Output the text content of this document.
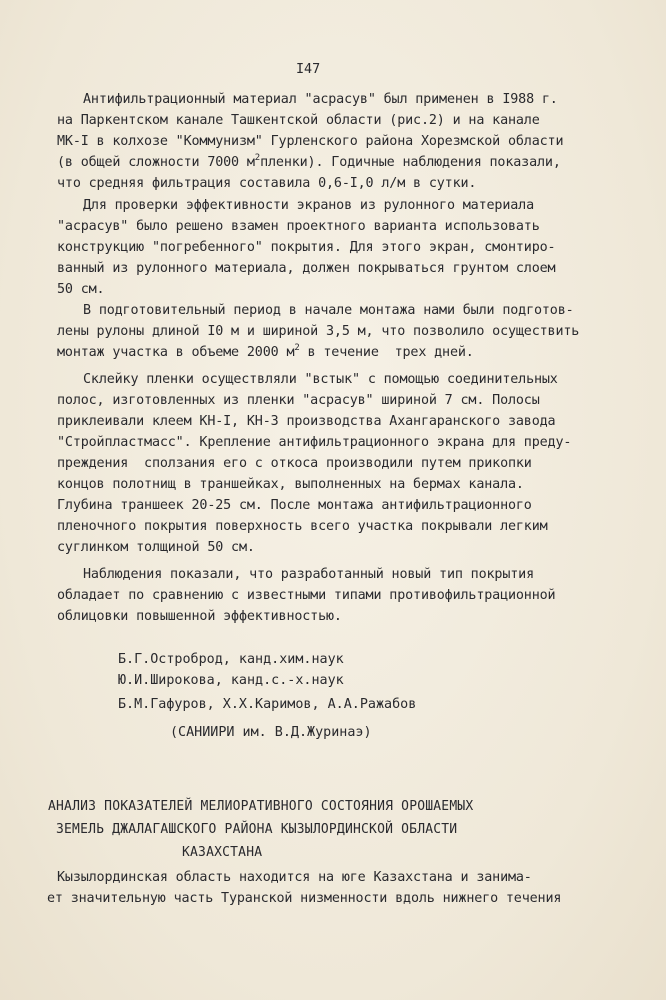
I47
Антифильтрационный материал "асрасув" был применен в I988 г.
на Паркентском канале Ташкентской области (рис.2) и на канале
МК-I в колхозе "Коммунизм" Гурленского района Хорезмской области
(в общей сложности 7000 $м^2пленки$). Годичные наблюдения показали,
что средняя фильтрация составила 0,6-I,0 л/м в сутки.
Для проверки эффективности экранов из рулонного материала
"асрасув" было решено взамен проектного варианта использовать
конструкцию "погребенного" покрытия. Для этого экран, смонтиро-
ванный из рулонного материала, должен покрываться грунтом слоем
50 см.
В подготовительный период в начале монтажа нами были подготов-
лены рулоны длиной I0 м и шириной 3,5 м, что позволило осуществить
монтаж участка в объеме 2000 $м^2$ в течение  трех дней.
Склейку пленки осуществляли "встык" с помощью соединительных
полос, изготовленных из пленки "асрасув" шириной 7 см. Полосы
приклеивали клеем КН-I, КН-3 производства Ахангаранского завода
"Стройпластмасс". Крепление антифильтрационного экрана для преду-
преждения  сползания его с откоса производили путем прикопки
концов полотнищ в траншейках, выполненных на бермах канала.
Глубина траншеек 20-25 см. После монтажа антифильтрационного
пленочного покрытия поверхность всего участка покрывали легким
суглинком толщиной 50 см.
Наблюдения показали, что разработанный новый тип покрытия
обладает по сравнению с известными типами противофильтрационной
облицовки повышенной эффективностью.
Б.Г.Остроброд, канд.хим.наук
Ю.И.Широкова, канд.с.-х.наук
Б.М.Гафуров, Х.Х.Каримов, А.А.Ражабов
(САНИИРИ им. В.Д.Журинаэ)
АНАЛИЗ ПОКАЗАТЕЛЕЙ МЕЛИОРАТИВНОГО СОСТОЯНИЯ ОРОШАЕМЫХ
ЗЕМЕЛЬ ДЖАЛАГАШСКОГО РАЙОНА КЫЗЫЛОРДИНСКОЙ ОБЛАСТИ
КАЗАХСТАНА
Кызылординская область находится на юге Казахстана и занима-
ет значительную часть Туранской низменности вдоль нижнего течения
